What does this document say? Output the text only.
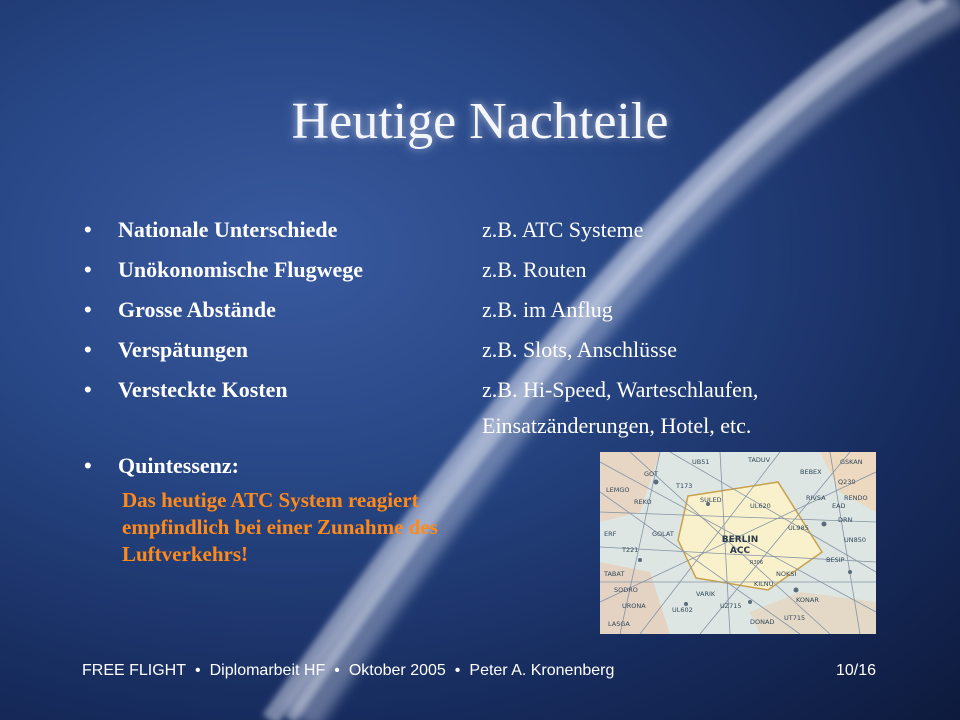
Heutige Nachteile
• Nationale Unterschiede	z.B. ATC Systeme
• Unökonomische Flugwege	z.B. Routen
• Grosse Abstände	z.B. im Anflug
• Verspätungen	z.B. Slots, Anschlüsse
• Versteckte Kosten	z.B. Hi-Speed, Warteschlaufen, Einsatzänderungen, Hotel, etc.
• Quintessenz:
Das heutige ATC System reagiert empfindlich bei einer Zunahme des Luftverkehrs!
GOT
UB51	TADUV
BEBEX
GSKAN
T173
REKO	SULED	RENDO
RIVSA
Q230
LEMGO
EAD
DRN
ERF	GOLAT
UL620
UL985
NOKSI
BESIP
TABAT
SODRO
URONA
LASGA
VARIK
UZ715
KILNU
KONAR
UL602
UT715
DONAD
T221
UN850
R306
BERLIN
ACC
FREE FLIGHT • Diplomarbeit HF • Oktober 2005 • Peter A. Kronenberg	10/16
